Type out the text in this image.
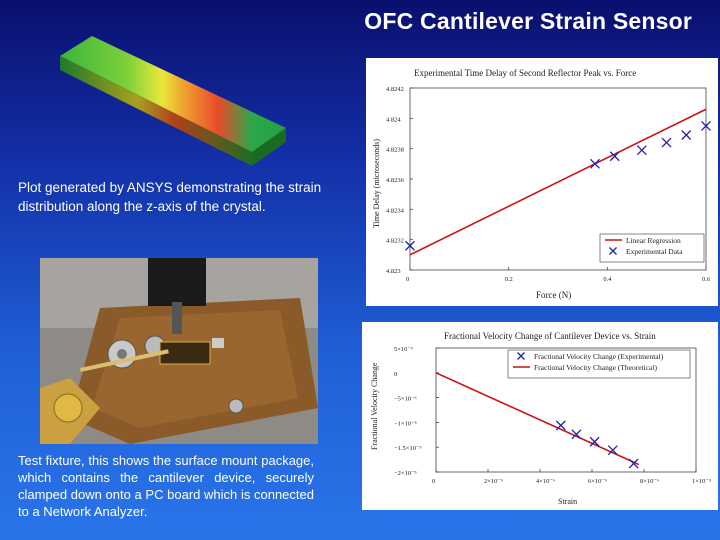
OFC Cantilever Strain Sensor
Plot generated by ANSYS demonstrating the strain distribution along the z-axis of the crystal.
Test fixture, this shows the surface mount package, which contains the cantilever device, securely clamped down onto a PC board which is connected to a Network Analyzer.
Experimental Time Delay of Second Reflector Peak vs. Force
Force (N)
Time Delay (microseconds)
0	0.2	0.4	0.6
4.8242
4.824
4.8238
4.8236
4.8234
4.8232
4.823
Linear Regression
Experimental Data
Fractional Velocity Change of Cantilever Device vs. Strain
Strain
Fractional Velocity Change
0	2×10⁻⁶	4×10⁻⁶	6×10⁻⁶	8×10⁻⁶	1×10⁻⁵
5×10⁻⁶
0
−5×10⁻⁶
−1×10⁻⁵
−1.5×10⁻⁵
−2×10⁻⁵
Fractional Velocity Change (Experimental)
Fractional Velocity Change (Theoretical)
